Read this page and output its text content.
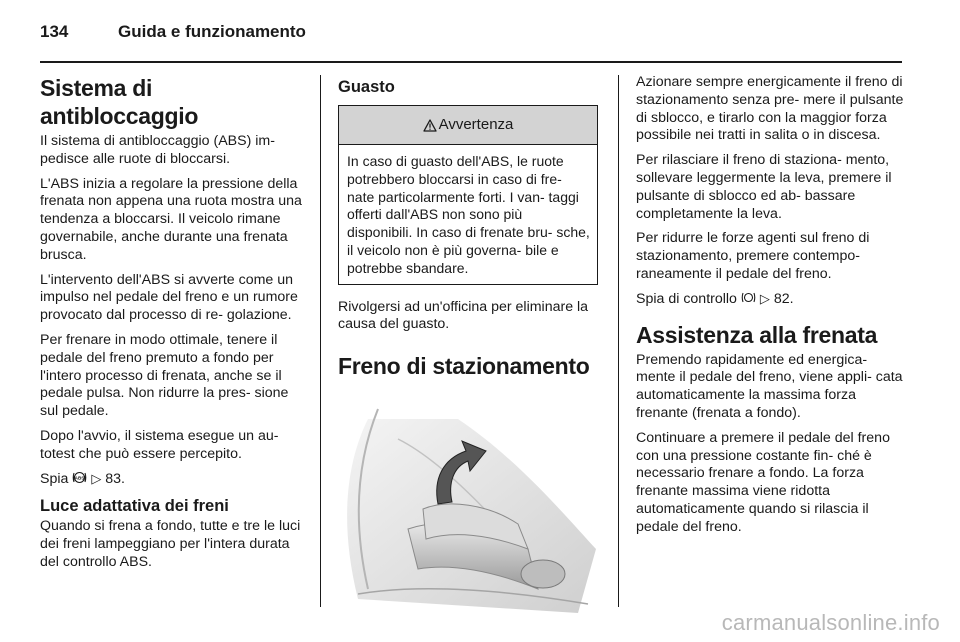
134	Guida e funzionamento
Sistema di antibloccaggio

Il sistema di antibloccaggio (ABS) im- pedisce alle ruote di bloccarsi.

L'ABS inizia a regolare la pressione della frenata non appena una ruota mostra una tendenza a bloccarsi. Il veicolo rimane governabile, anche durante una frenata brusca.

L'intervento dell'ABS si avverte come un impulso nel pedale del freno e un rumore provocato dal processo di re- golazione.

Per frenare in modo ottimale, tenere il pedale del freno premuto a fondo per l'intero processo di frenata, anche se il pedale pulsa. Non ridurre la pres- sione sul pedale.

Dopo l'avvio, il sistema esegue un au- totest che può essere percepito.

Spia (ABS) ▷ 83.

Luce adattativa dei freni

Quando si frena a fondo, tutte e tre le luci dei freni lampeggiano per l'intera durata del controllo ABS.

Guasto
Avvertenza
In caso di guasto dell'ABS, le ruote potrebbero bloccarsi in caso di fre- nate particolarmente forti. I van- taggi offerti dall'ABS non sono più disponibili. In caso di frenate bru- sche, il veicolo non è più governa- bile e potrebbe sbandare.

Rivolgersi ad un'officina per eliminare la causa del guasto.

Freno di stazionamento

Azionare sempre energicamente il freno di stazionamento senza pre- mere il pulsante di sblocco, e tirarlo con la maggior forza possibile nei tratti in salita o in discesa.

Per rilasciare il freno di staziona- mento, sollevare leggermente la leva, premere il pulsante di sblocco ed ab- bassare completamente la leva.

Per ridurre le forze agenti sul freno di stazionamento, premere contempo- raneamente il pedale del freno.

Spia di controllo ▷ 82.

Assistenza alla frenata

Premendo rapidamente ed energica- mente il pedale del freno, viene appli- cata automaticamente la massima forza frenante (frenata a fondo).

Continuare a premere il pedale del freno con una pressione costante fin- ché è necessario frenare a fondo. La forza frenante massima viene ridotta automaticamente quando si rilascia il pedale del freno.

carmanualsonline.info
